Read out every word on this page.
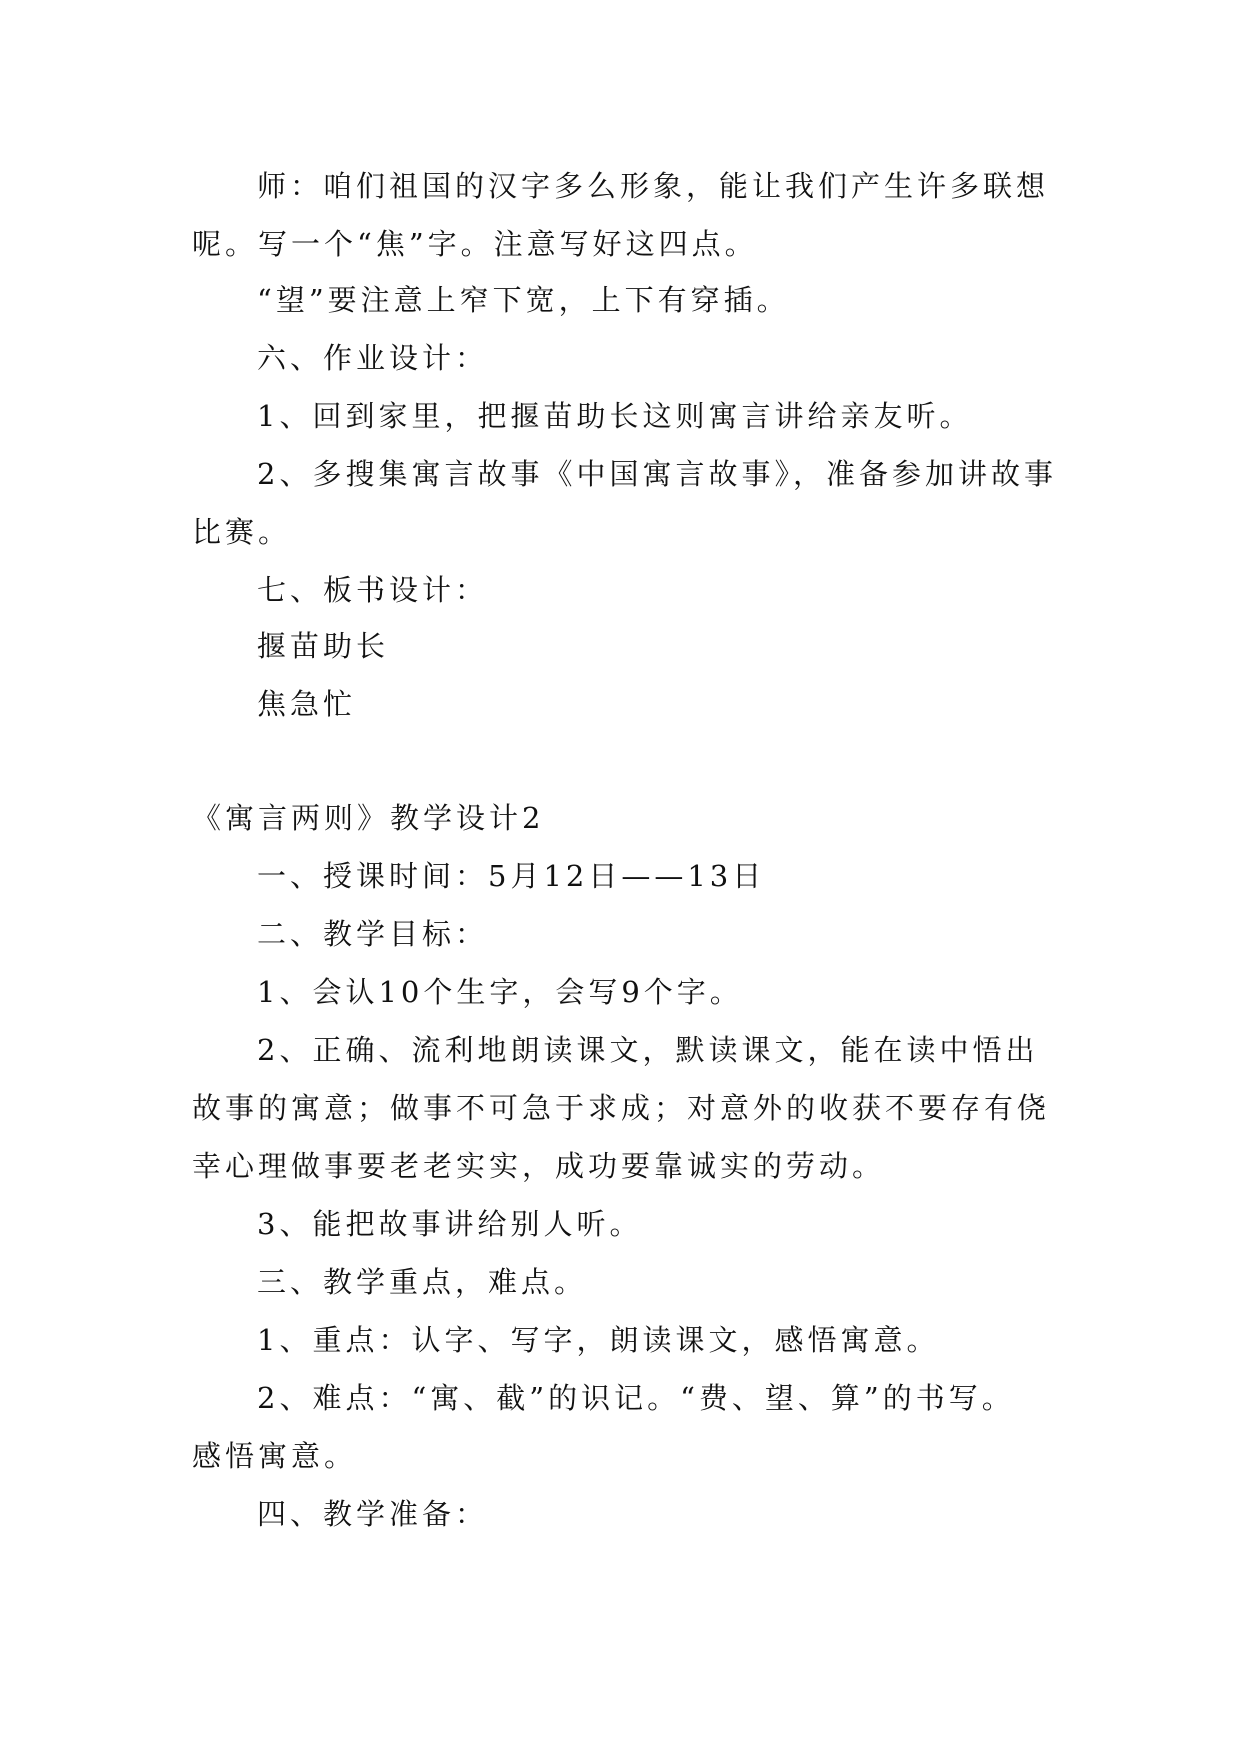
师：咱们祖国的汉字多么形象，能让我们产生许多联想
呢。写一个“焦”字。注意写好这四点。
“望”要注意上窄下宽，上下有穿插。
六、作业设计：
1、回到家里，把揠苗助长这则寓言讲给亲友听。
2、多搜集寓言故事《中国寓言故事》，准备参加讲故事
比赛。
七、板书设计：
揠苗助长
焦急忙
《寓言两则》教学设计2
一、授课时间：5月12日——13日
二、教学目标：
1、会认10个生字，会写9个字。
2、正确、流利地朗读课文，默读课文，能在读中悟出
故事的寓意；做事不可急于求成；对意外的收获不要存有侥
幸心理做事要老老实实，成功要靠诚实的劳动。
3、能把故事讲给别人听。
三、教学重点，难点。
1、重点：认字、写字，朗读课文，感悟寓意。
2、难点：“寓、截”的识记。“费、望、算”的书写。
感悟寓意。
四、教学准备：
